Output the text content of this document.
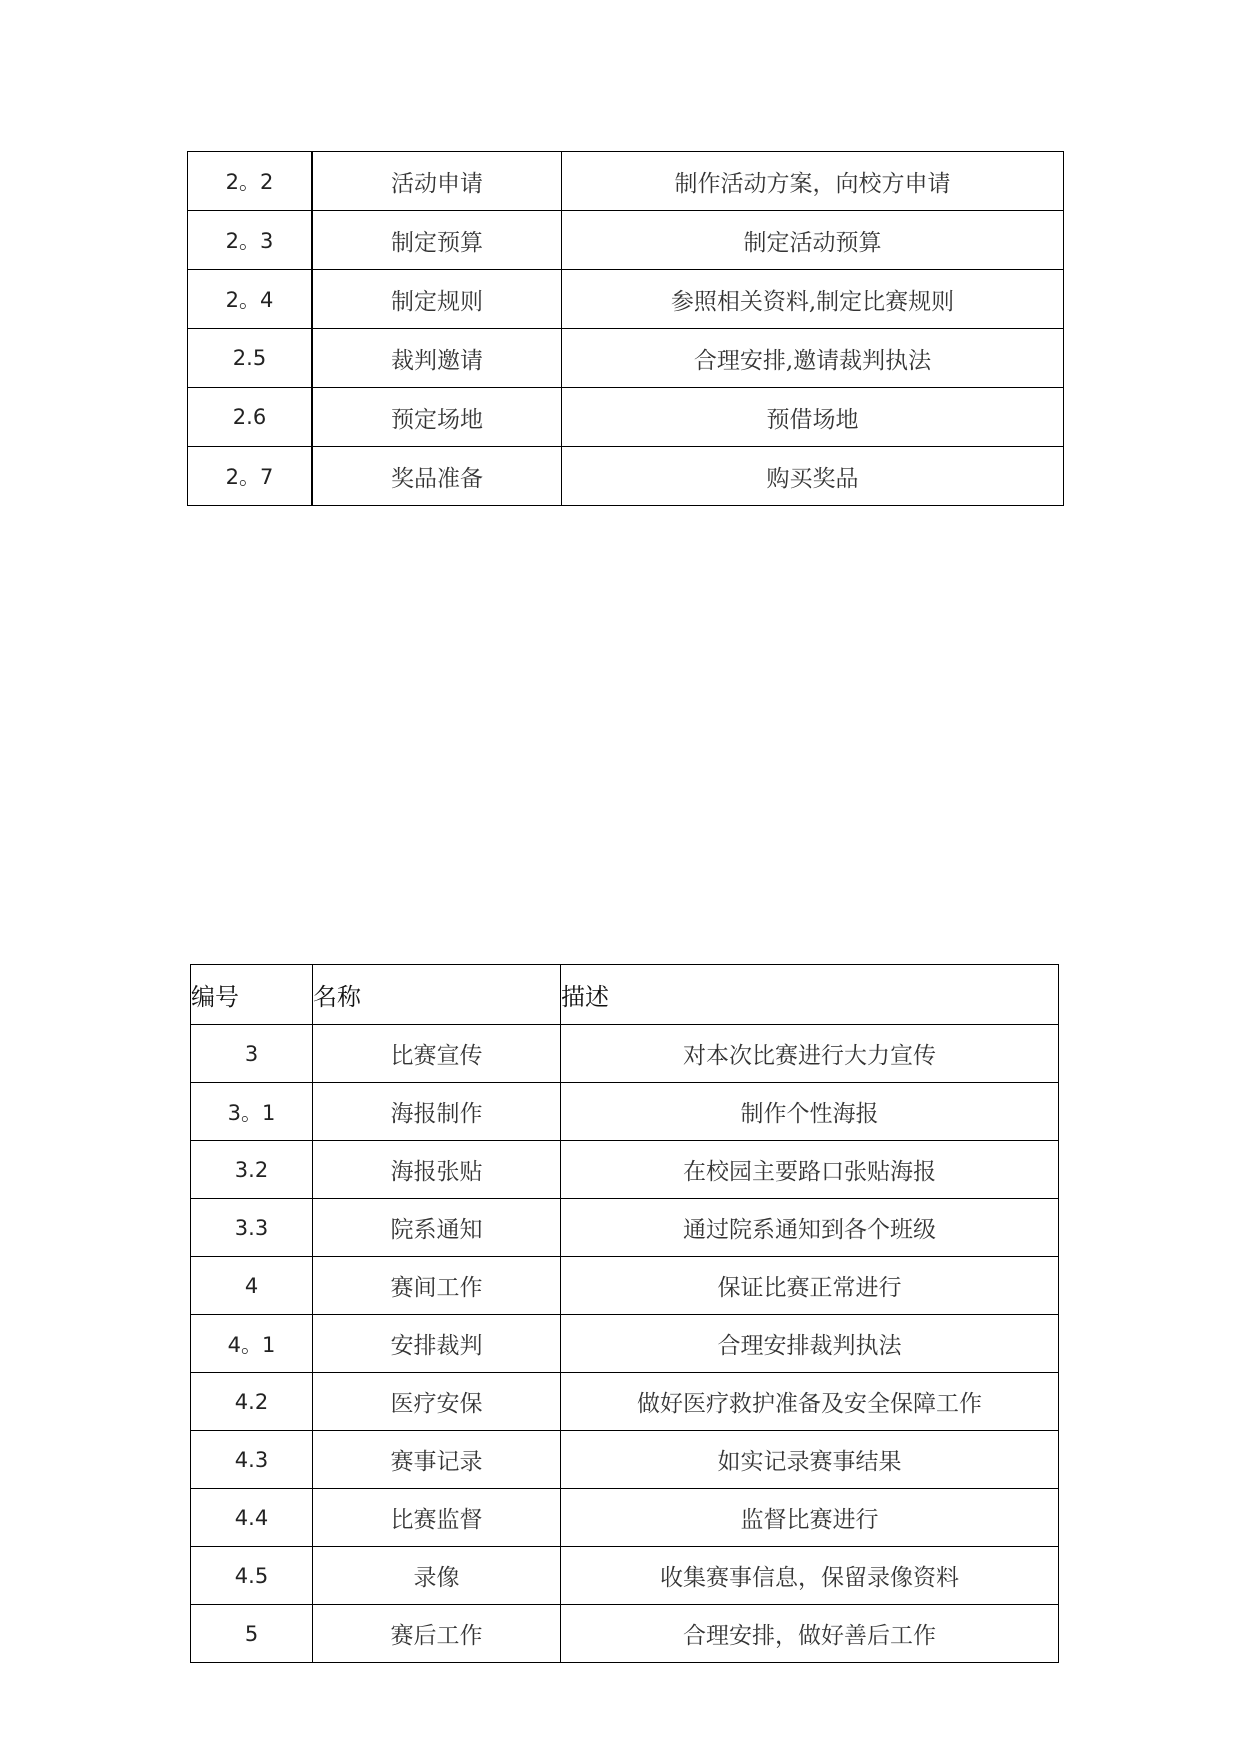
2。2	活动申请	制作活动方案，向校方申请
2。3	制定预算	制定活动预算
2。4	制定规则	参照相关资料,制定比赛规则
2.5	裁判邀请	合理安排,邀请裁判执法
2.6	预定场地	预借场地
2。7	奖品准备	购买奖品
编号	名称	描述
3	比赛宣传	对本次比赛进行大力宣传
3。1	海报制作	制作个性海报
3.2	海报张贴	在校园主要路口张贴海报
3.3	院系通知	通过院系通知到各个班级
4	赛间工作	保证比赛正常进行
4。1	安排裁判	合理安排裁判执法
4.2	医疗安保	做好医疗救护准备及安全保障工作
4.3	赛事记录	如实记录赛事结果
4.4	比赛监督	监督比赛进行
4.5	录像	收集赛事信息，保留录像资料
5	赛后工作	合理安排，做好善后工作
